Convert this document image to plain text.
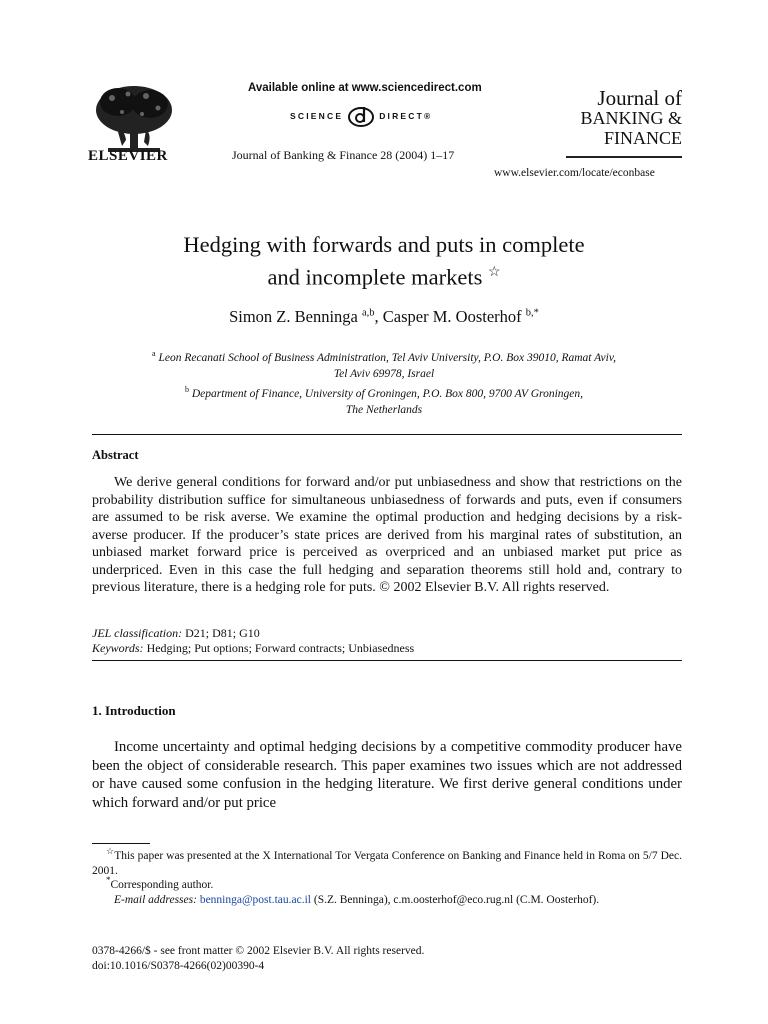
ELSEVIER
Available online at www.sciencedirect.com
SCIENCE	DIRECT®
Journal of Banking & Finance 28 (2004) 1–17
Journal of
BANKING &
FINANCE
www.elsevier.com/locate/econbase
Hedging with forwards and puts in complete
and incomplete markets ☆
Simon Z. Benninga $^{a,b}$, Casper M. Oosterhof $^{b,*}$
$^a$ Leon Recanati School of Business Administration, Tel Aviv University, P.O. Box 39010, Ramat Aviv,
Tel Aviv 69978, Israel
$^b$ Department of Finance, University of Groningen, P.O. Box 800, 9700 AV Groningen,
The Netherlands
Abstract
We derive general conditions for forward and/or put unbiasedness and show that restrictions on the probability distribution suffice for simultaneous unbiasedness of forwards and puts, even if consumers are assumed to be risk averse. We examine the optimal production and hedging decisions by a risk-averse producer. If the producer’s state prices are derived from his marginal rates of substitution, an unbiased market forward price is perceived as overpriced and an unbiased market put price as underpriced. Even in this case the full hedging and separation theorems still hold and, contrary to previous literature, there is a hedging role for puts. © 2002 Elsevier B.V. All rights reserved.
JEL classification: D21; D81; G10
Keywords: Hedging; Put options; Forward contracts; Unbiasedness
1. Introduction
Income uncertainty and optimal hedging decisions by a competitive commodity producer have been the object of considerable research. This paper examines two issues which are not addressed or have caused some confusion in the hedging literature. We first derive general conditions under which forward and/or put price
☆This paper was presented at the X International Tor Vergata Conference on Banking and Finance held in Roma on 5/7 Dec. 2001.
*Corresponding author.
E-mail addresses: benninga@post.tau.ac.il (S.Z. Benninga), c.m.oosterhof@eco.rug.nl (C.M. Oosterhof).
0378-4266/$ - see front matter © 2002 Elsevier B.V. All rights reserved.
doi:10.1016/S0378-4266(02)00390-4
